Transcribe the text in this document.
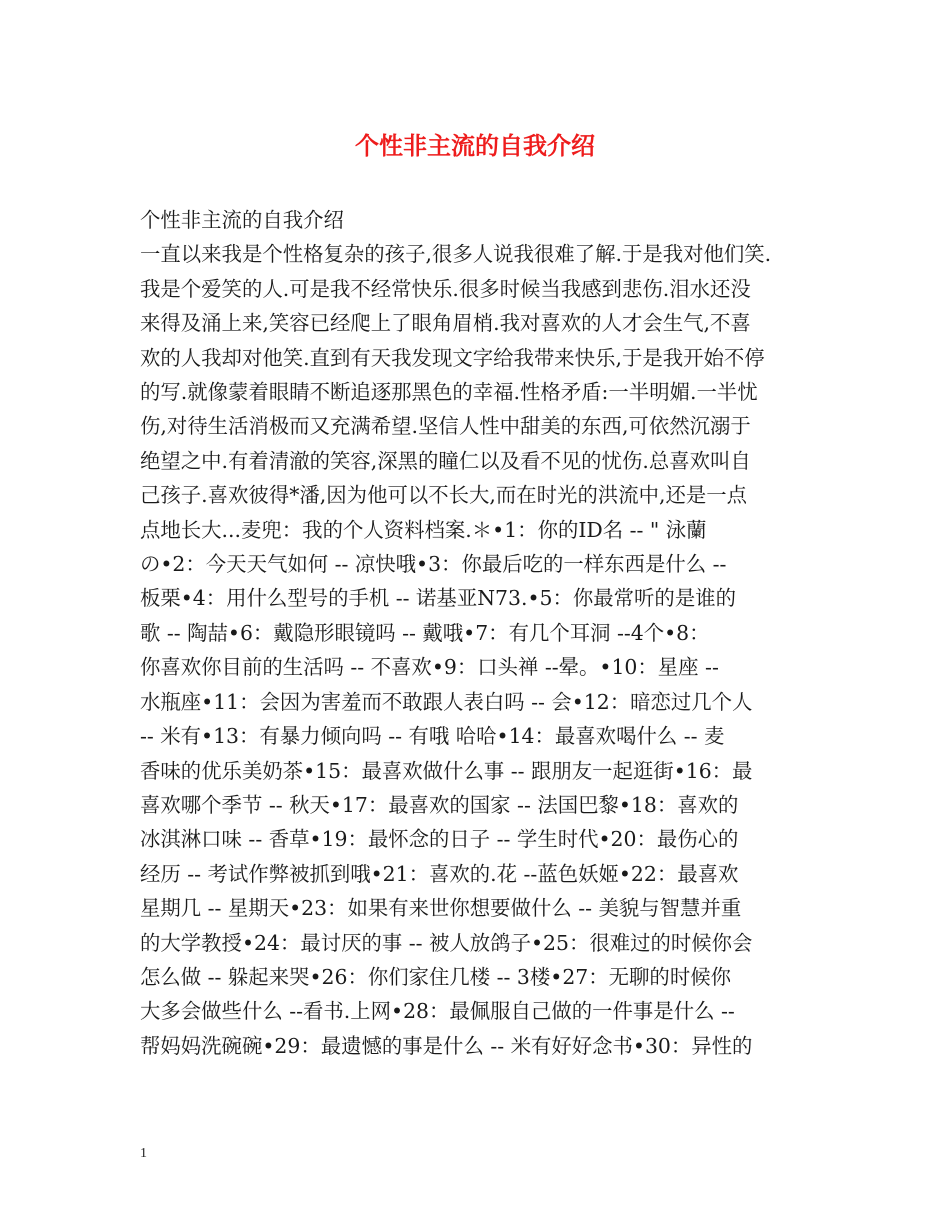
个性非主流的自我介绍
个性非主流的自我介绍
一直以来我是个性格复杂的孩子,很多人说我很难了解.于是我对他们笑.
我是个爱笑的人.可是我不经常快乐.很多时候当我感到悲伤.泪水还没
来得及涌上来,笑容已经爬上了眼角眉梢.我对喜欢的人才会生气,不喜
欢的人我却对他笑.直到有天我发现文字给我带来快乐,于是我开始不停
的写.就像蒙着眼睛不断追逐那黑色的幸福.性格矛盾:一半明媚.一半忧
伤,对待生活消极而又充满希望.坚信人性中甜美的东西,可依然沉溺于
绝望之中.有着清澈的笑容,深黑的瞳仁以及看不见的忧伤.总喜欢叫自
己孩子.喜欢彼得*潘,因为他可以不长大,而在时光的洪流中,还是一点
点地长大...麦兜：我的个人资料档案.＊•1：你的ID名 -- " 泳蘭
の•2：今天天气如何 -- 凉快哦•3：你最后吃的一样东西是什么 --
板栗•4：用什么型号的手机 -- 诺基亚N73.•5：你最常听的是谁的
歌 -- 陶喆•6：戴隐形眼镜吗 -- 戴哦•7：有几个耳洞 --4个•8：
你喜欢你目前的生活吗 -- 不喜欢•9：口头禅 --晕。•10：星座 --
水瓶座•11：会因为害羞而不敢跟人表白吗 -- 会•12：暗恋过几个人
-- 米有•13：有暴力倾向吗 -- 有哦 哈哈•14：最喜欢喝什么 -- 麦
香味的优乐美奶茶•15：最喜欢做什么事 -- 跟朋友一起逛街•16：最
喜欢哪个季节 -- 秋天•17：最喜欢的国家 -- 法国巴黎•18：喜欢的
冰淇淋口味 -- 香草•19：最怀念的日子 -- 学生时代•20：最伤心的
经历 -- 考试作弊被抓到哦•21：喜欢的.花 --蓝色妖姬•22：最喜欢
星期几 -- 星期天•23：如果有来世你想要做什么 -- 美貌与智慧并重
的大学教授•24：最讨厌的事 -- 被人放鸽子•25：很难过的时候你会
怎么做 -- 躲起来哭•26：你们家住几楼 -- 3楼•27：无聊的时候你
大多会做些什么 --看书.上网•28：最佩服自己做的一件事是什么 --
帮妈妈洗碗碗•29：最遗憾的事是什么 -- 米有好好念书•30：异性的
1
